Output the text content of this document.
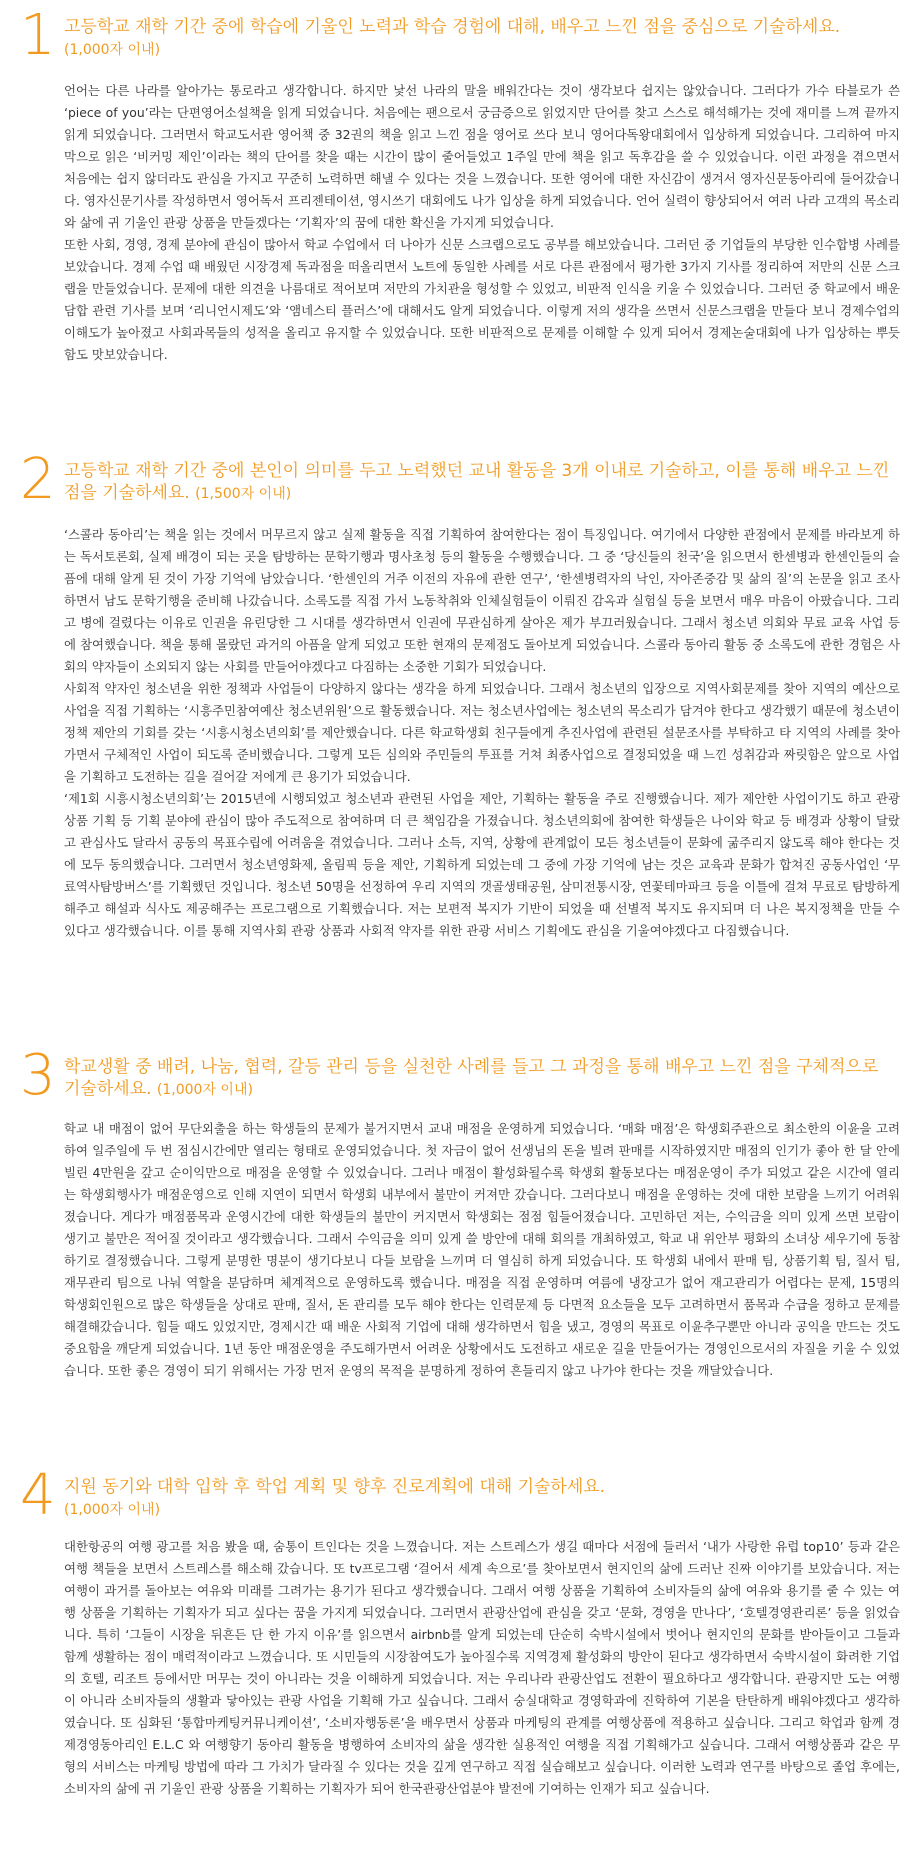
1 고등학교 재학 기간 중에 학습에 기울인 노력과 학습 경험에 대해, 배우고 느낀 점을 중심으로 기술하세요.
(1,000자 이내)

언어는 다른 나라를 알아가는 통로라고 생각합니다. 하지만 낯선 나라의 말을 배워간다는 것이 생각보다 쉽지는 않았습니다. 그러다가 가수 타블로가 쓴 ‘piece of you’라는 단편영어소설책을 읽게 되었습니다. 처음에는 팬으로서 궁금증으로 읽었지만 단어를 찾고 스스로 해석해가는 것에 재미를 느껴 끝까지 읽게 되었습니다. 그러면서 학교도서관 영어책 중 32권의 책을 읽고 느낀 점을 영어로 쓰다 보니 영어다독왕대회에서 입상하게 되었습니다. 그리하여 마지막으로 읽은 ‘비커밍 제인’이라는 책의 단어를 찾을 때는 시간이 많이 줄어들었고 1주일 만에 책을 읽고 독후감을 쓸 수 있었습니다. 이런 과정을 겪으면서 처음에는 쉽지 않더라도 관심을 가지고 꾸준히 노력하면 해낼 수 있다는 것을 느꼈습니다. 또한 영어에 대한 자신감이 생겨서 영자신문동아리에 들어갔습니다. 영자신문기사를 작성하면서 영어독서 프리젠테이션, 영시쓰기 대회에도 나가 입상을 하게 되었습니다. 언어 실력이 향상되어서 여러 나라 고객의 목소리와 삶에 귀 기울인 관광 상품을 만들겠다는 ‘기획자’의 꿈에 대한 확신을 가지게 되었습니다.

또한 사회, 경영, 경제 분야에 관심이 많아서 학교 수업에서 더 나아가 신문 스크랩으로도 공부를 해보았습니다. 그러던 중 기업들의 부당한 인수합병 사례를 보았습니다. 경제 수업 때 배웠던 시장경제 독과점을 떠올리면서 노트에 동일한 사례를 서로 다른 관점에서 평가한 3가지 기사를 정리하여 저만의 신문 스크랩을 만들었습니다. 문제에 대한 의견을 나름대로 적어보며 저만의 가치관을 형성할 수 있었고, 비판적 인식을 키울 수 있었습니다. 그러던 중 학교에서 배운 담합 관련 기사를 보며 ‘리니언시제도’와 ‘앰네스티 플러스’에 대해서도 알게 되었습니다. 이렇게 저의 생각을 쓰면서 신문스크랩을 만들다 보니 경제수업의 이해도가 높아졌고 사회과목들의 성적을 올리고 유지할 수 있었습니다. 또한 비판적으로 문제를 이해할 수 있게 되어서 경제논술대회에 나가 입상하는 뿌듯함도 맛보았습니다.

2 고등학교 재학 기간 중에 본인이 의미를 두고 노력했던 교내 활동을 3개 이내로 기술하고, 이를 통해 배우고 느낀 점을 기술하세요. (1,500자 이내)

‘스콜라 동아리’는 책을 읽는 것에서 머무르지 않고 실제 활동을 직접 기획하여 참여한다는 점이 특징입니다. 여기에서 다양한 관점에서 문제를 바라보게 하는 독서토론회, 실제 배경이 되는 곳을 탐방하는 문학기행과 명사초청 등의 활동을 수행했습니다. 그 중 ‘당신들의 천국’을 읽으면서 한센병과 한센인들의 슬픔에 대해 알게 된 것이 가장 기억에 남았습니다. ‘한센인의 거주 이전의 자유에 관한 연구’, ‘한센병력자의 낙인, 자아존중감 및 삶의 질’의 논문을 읽고 조사하면서 남도 문학기행을 준비해 나갔습니다. 소록도를 직접 가서 노동착취와 인체실험들이 이뤄진 감옥과 실험실 등을 보면서 매우 마음이 아팠습니다. 그리고 병에 걸렸다는 이유로 인권을 유린당한 그 시대를 생각하면서 인권에 무관심하게 살아온 제가 부끄러웠습니다. 그래서 청소년 의회와 무료 교육 사업 등에 참여했습니다. 책을 통해 몰랐던 과거의 아픔을 알게 되었고 또한 현재의 문제점도 돌아보게 되었습니다. 스콜라 동아리 활동 중 소록도에 관한 경험은 사회의 약자들이 소외되지 않는 사회를 만들어야겠다고 다짐하는 소중한 기회가 되었습니다.

사회적 약자인 청소년을 위한 정책과 사업들이 다양하지 않다는 생각을 하게 되었습니다. 그래서 청소년의 입장으로 지역사회문제를 찾아 지역의 예산으로 사업을 직접 기획하는 ‘시흥주민참여예산 청소년위원’으로 활동했습니다. 저는 청소년사업에는 청소년의 목소리가 담겨야 한다고 생각했기 때문에 청소년이 정책 제안의 기회를 갖는 ‘시흥시청소년의회’를 제안했습니다. 다른 학교학생회 친구들에게 추진사업에 관련된 설문조사를 부탁하고 타 지역의 사례를 찾아가면서 구체적인 사업이 되도록 준비했습니다. 그렇게 모든 심의와 주민들의 투표를 거쳐 최종사업으로 결정되었을 때 느낀 성취감과 짜릿함은 앞으로 사업을 기획하고 도전하는 길을 걸어갈 저에게 큰 용기가 되었습니다.

‘제1회 시흥시청소년의회’는 2015년에 시행되었고 청소년과 관련된 사업을 제안, 기획하는 활동을 주로 진행했습니다. 제가 제안한 사업이기도 하고 관광 상품 기획 등 기획 분야에 관심이 많아 주도적으로 참여하며 더 큰 책임감을 가졌습니다. 청소년의회에 참여한 학생들은 나이와 학교 등 배경과 상황이 달랐고 관심사도 달라서 공동의 목표수립에 어려움을 겪었습니다. 그러나 소득, 지역, 상황에 관계없이 모든 청소년들이 문화에 굶주리지 않도록 해야 한다는 것에 모두 동의했습니다. 그러면서 청소년영화제, 올림픽 등을 제안, 기획하게 되었는데 그 중에 가장 기억에 남는 것은 교육과 문화가 합쳐진 공동사업인 ‘무료역사탐방버스’를 기획했던 것입니다. 청소년 50명을 선정하여 우리 지역의 갯골생태공원, 삼미전통시장, 연꽃테마파크 등을 이틀에 걸쳐 무료로 탐방하게 해주고 해설과 식사도 제공해주는 프로그램으로 기획했습니다. 저는 보편적 복지가 기반이 되었을 때 선별적 복지도 유지되며 더 나은 복지정책을 만들 수 있다고 생각했습니다. 이를 통해 지역사회 관광 상품과 사회적 약자를 위한 관광 서비스 기획에도 관심을 기울여야겠다고 다짐했습니다.

3 학교생활 중 배려, 나눔, 협력, 갈등 관리 등을 실천한 사례를 들고 그 과정을 통해 배우고 느낀 점을 구체적으로 기술하세요. (1,000자 이내)

학교 내 매점이 없어 무단외출을 하는 학생들의 문제가 불거지면서 교내 매점을 운영하게 되었습니다. ‘매화 매점’은 학생회주관으로 최소한의 이윤을 고려하여 일주일에 두 번 점심시간에만 열리는 형태로 운영되었습니다. 첫 자금이 없어 선생님의 돈을 빌려 판매를 시작하였지만 매점의 인기가 좋아 한 달 안에 빌린 4만원을 갚고 순이익만으로 매점을 운영할 수 있었습니다. 그러나 매점이 활성화될수록 학생회 활동보다는 매점운영이 주가 되었고 같은 시간에 열리는 학생회행사가 매점운영으로 인해 지연이 되면서 학생회 내부에서 불만이 커져만 갔습니다. 그러다보니 매점을 운영하는 것에 대한 보람을 느끼기 어려워졌습니다. 게다가 매점품목과 운영시간에 대한 학생들의 불만이 커지면서 학생회는 점점 힘들어졌습니다. 고민하던 저는, 수익금을 의미 있게 쓰면 보람이 생기고 불만은 적어질 것이라고 생각했습니다. 그래서 수익금을 의미 있게 쓸 방안에 대해 회의를 개최하였고, 학교 내 위안부 평화의 소녀상 세우기에 동참하기로 결정했습니다. 그렇게 분명한 명분이 생기다보니 다들 보람을 느끼며 더 열심히 하게 되었습니다. 또 학생회 내에서 판매 팀, 상품기획 팀, 질서 팀, 재무관리 팀으로 나눠 역할을 분담하며 체계적으로 운영하도록 했습니다. 매점을 직접 운영하며 여름에 냉장고가 없어 재고관리가 어렵다는 문제, 15명의 학생회인원으로 많은 학생들을 상대로 판매, 질서, 돈 관리를 모두 해야 한다는 인력문제 등 다면적 요소들을 모두 고려하면서 품목과 수급을 정하고 문제를 해결해갔습니다. 힘들 때도 있었지만, 경제시간 때 배운 사회적 기업에 대해 생각하면서 힘을 냈고, 경영의 목표로 이윤추구뿐만 아니라 공익을 만드는 것도 중요함을 깨닫게 되었습니다. 1년 동안 매점운영을 주도해가면서 어려운 상황에서도 도전하고 새로운 길을 만들어가는 경영인으로서의 자질을 키울 수 있었습니다. 또한 좋은 경영이 되기 위해서는 가장 먼저 운영의 목적을 분명하게 정하여 흔들리지 않고 나가야 한다는 것을 깨달았습니다.

4 지원 동기와 대학 입학 후 학업 계획 및 향후 진로계획에 대해 기술하세요.
(1,000자 이내)

대한항공의 여행 광고를 처음 봤을 때, 숨통이 트인다는 것을 느꼈습니다. 저는 스트레스가 생길 때마다 서점에 들러서 ‘내가 사랑한 유럽 top10’ 등과 같은 여행 책들을 보면서 스트레스를 해소해 갔습니다. 또 tv프로그램 ‘걸어서 세계 속으로’를 찾아보면서 현지인의 삶에 드러난 진짜 이야기를 보았습니다. 저는 여행이 과거를 돌아보는 여유와 미래를 그려가는 용기가 된다고 생각했습니다. 그래서 여행 상품을 기획하여 소비자들의 삶에 여유와 용기를 줄 수 있는 여행 상품을 기획하는 기획자가 되고 싶다는 꿈을 가지게 되었습니다. 그러면서 관광산업에 관심을 갖고 ‘문화, 경영을 만나다’, ‘호텔경영관리론’ 등을 읽었습니다. 특히 ‘그들이 시장을 뒤흔든 단 한 가지 이유’를 읽으면서 airbnb를 알게 되었는데 단순히 숙박시설에서 벗어나 현지인의 문화를 받아들이고 그들과 함께 생활하는 점이 매력적이라고 느꼈습니다. 또 시민들의 시장참여도가 높아질수록 지역경제 활성화의 방안이 된다고 생각하면서 숙박시설이 화려한 기업의 호텔, 리조트 등에서만 머무는 것이 아니라는 것을 이해하게 되었습니다. 저는 우리나라 관광산업도 전환이 필요하다고 생각합니다. 관광지만 도는 여행이 아니라 소비자들의 생활과 닿아있는 관광 사업을 기획해 가고 싶습니다. 그래서 숭실대학교 경영학과에 진학하여 기본을 탄탄하게 배워야겠다고 생각하였습니다. 또 심화된 ‘통합마케팅커뮤니케이션’, ‘소비자행동론’을 배우면서 상품과 마케팅의 관계를 여행상품에 적용하고 싶습니다. 그리고 학업과 함께 경제경영동아리인 E.L.C 와 여행향기 동아리 활동을 병행하여 소비자의 삶을 생각한 실용적인 여행을 직접 기획해가고 싶습니다. 그래서 여행상품과 같은 무형의 서비스는 마케팅 방법에 따라 그 가치가 달라질 수 있다는 것을 깊게 연구하고 직접 실습해보고 싶습니다. 이러한 노력과 연구를 바탕으로 졸업 후에는, 소비자의 삶에 귀 기울인 관광 상품을 기획하는 기획자가 되어 한국관광산업분야 발전에 기여하는 인재가 되고 싶습니다.
